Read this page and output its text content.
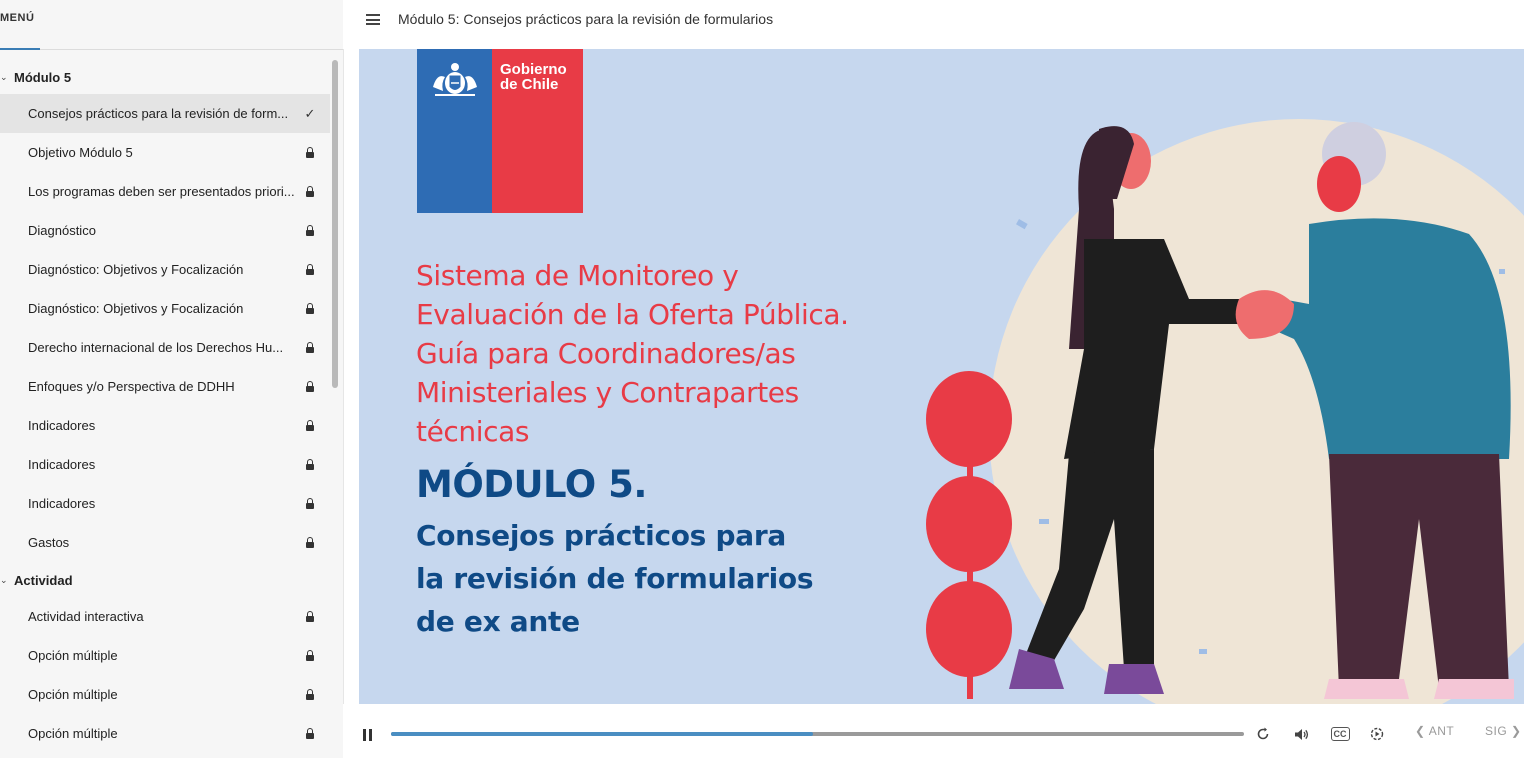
MENÚ
⌄ Módulo 5
Consejos prácticos para la revisión de form... ✓
Objetivo Módulo 5
Los programas deben ser presentados priori...
Diagnóstico
Diagnóstico: Objetivos y Focalización
Diagnóstico: Objetivos y Focalización
Derecho internacional de los Derechos Hu...
Enfoques y/o Perspectiva de DDHH
Indicadores
Indicadores
Indicadores
Gastos
⌄ Actividad
Actividad interactiva
Opción múltiple
Opción múltiple
Opción múltiple
Módulo 5: Consejos prácticos para la revisión de formularios
Gobierno
de Chile
Sistema de Monitoreo y
Evaluación de la Oferta Pública.
Guía para Coordinadores/as
Ministeriales y Contrapartes
técnicas
MÓDULO 5.
Consejos prácticos para
la revisión de formularios
de ex ante
CC	❮ ANT	SIG ❯
